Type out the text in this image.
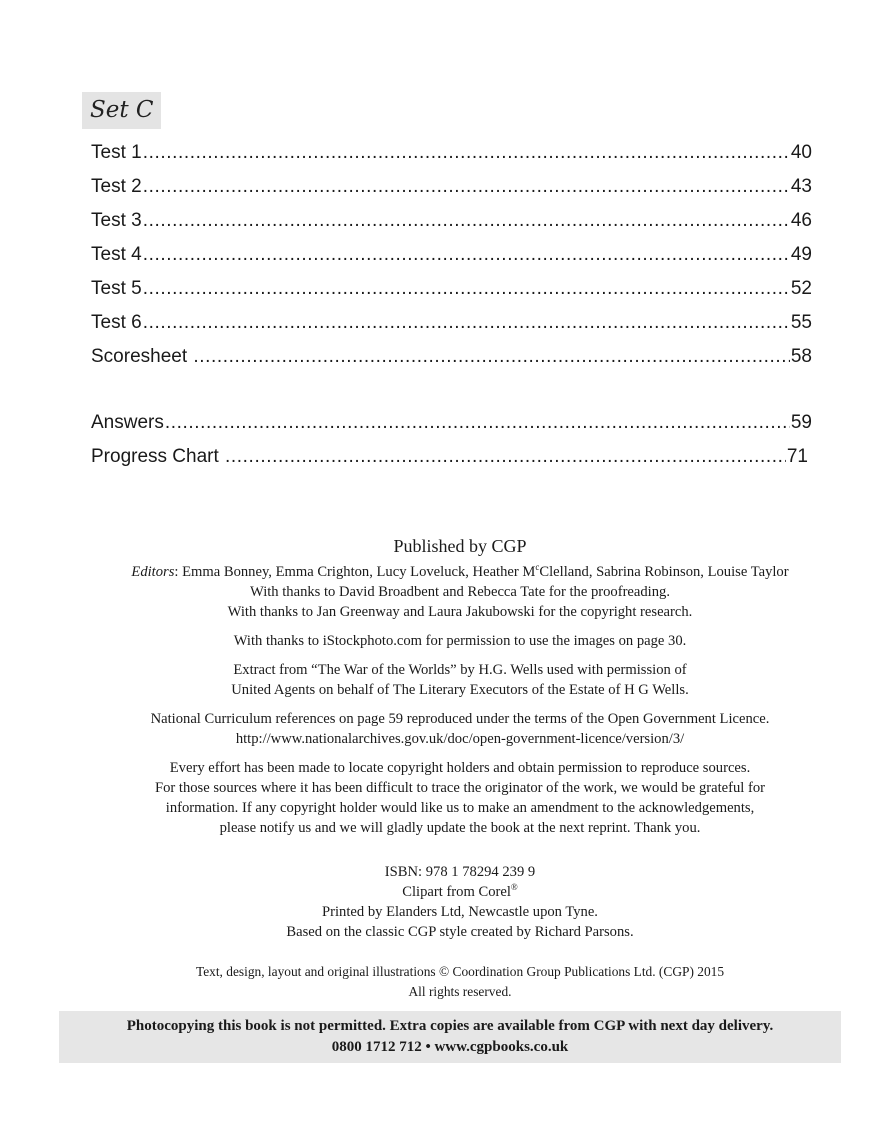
Set C
Test 1 .....	40
Test 2 .....	43
Test 3 .....	46
Test 4 .....	49
Test 5 .....	52
Test 6 .....	55
Scoresheet .....	58
Answers .....	59
Progress Chart .....	71
Published by CGP

Editors: Emma Bonney, Emma Crighton, Lucy Loveluck, Heather $M^cClelland$, Sabrina Robinson, Louise Taylor

With thanks to David Broadbent and Rebecca Tate for the proofreading.

With thanks to Jan Greenway and Laura Jakubowski for the copyright research.

With thanks to iStockphoto.com for permission to use the images on page 30.

Extract from “The War of the Worlds” by H.G. Wells used with permission of

United Agents on behalf of The Literary Executors of the Estate of H G Wells.

National Curriculum references on page 59 reproduced under the terms of the Open Government Licence.

http://www.nationalarchives.gov.uk/doc/open-government-licence/version/3/

Every effort has been made to locate copyright holders and obtain permission to reproduce sources.

For those sources where it has been difficult to trace the originator of the work, we would be grateful for

information. If any copyright holder would like us to make an amendment to the acknowledgements,

please notify us and we will gladly update the book at the next reprint. Thank you.

ISBN: 978 1 78294 239 9

Clipart from Corel®

Printed by Elanders Ltd, Newcastle upon Tyne.

Based on the classic CGP style created by Richard Parsons.

Text, design, layout and original illustrations © Coordination Group Publications Ltd. (CGP) 2015

All rights reserved.

Photocopying this book is not permitted. Extra copies are available from CGP with next day delivery.

0800 1712 712 • www.cgpbooks.co.uk
